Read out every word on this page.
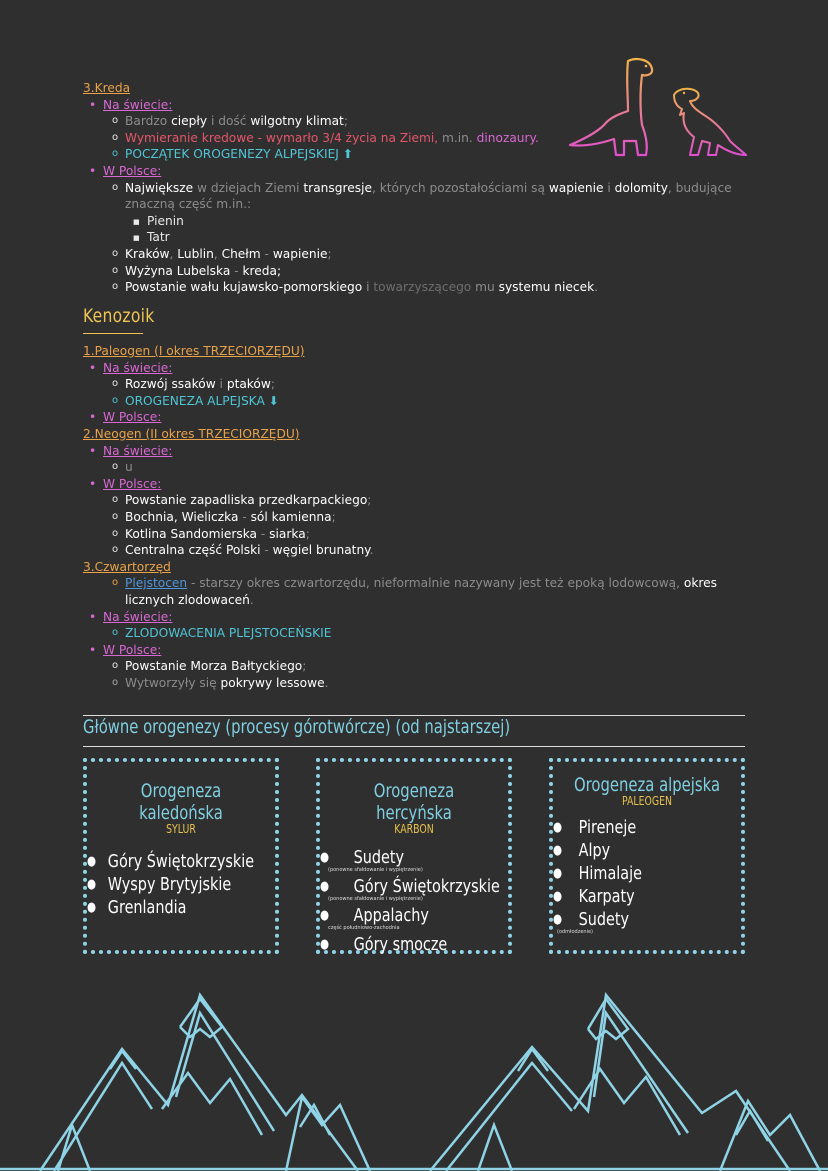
3.Kreda
• Na świecie:
o Bardzo ciepły i dość wilgotny klimat;
o Wymieranie kredowe - wymarło 3/4 życia na Ziemi, m.in. dinozaury.
o POCZĄTEK OROGENEZY ALPEJSKIEJ ⬆
• W Polsce:
o Największe w dziejach Ziemi transgresje, których pozostałościami są wapienie i dolomity, budujące znaczną część m.in.:
■ Pienin
■ Tatr
o Kraków, Lublin, Chełm - wapienie;
o Wyżyna Lubelska - kreda;
o Powstanie wału kujawsko-pomorskiego i towarzyszącego mu systemu niecek.
Kenozoik
1.Paleogen (I okres TRZECIORZĘDU)
• Na świecie:
o Rozwój ssaków i ptaków;
o OROGENEZA ALPEJSKA ⬇
• W Polsce:
2.Neogen (II okres TRZECIORZĘDU)
• Na świecie:
o u
• W Polsce:
o Powstanie zapadliska przedkarpackiego;
o Bochnia, Wieliczka - sól kamienna;
o Kotlina Sandomierska - siarka;
o Centralna część Polski - węgiel brunatny.
3.Czwartorzęd
o Plejstocen - starszy okres czwartorzędu, nieformalnie nazywany jest też epoką lodowcową, okres licznych zlodowaceń.
• Na świecie:
o ZLODOWACENIA PLEJSTOCEŃSKIE
• W Polsce:
o Powstanie Morza Bałtyckiego;
o Wytworzyły się pokrywy lessowe.
Główne orogenezy (procesy górotwórcze) (od najstarszej)
Orogeneza kaledońska
SYLUR
● Góry Świętokrzyskie
● Wyspy Brytyjskie
● Grenlandia
Orogeneza hercyńska
KARBON
● Sudety
(ponowne sfałdowanie i wypiętrzenie)
● Góry Świętokrzyskie
(ponowne sfałdowanie i wypiętrzenie)
● Appalachy
część południowo-zachodnia
● Góry smocze
Orogeneza alpejska
PALEOGEN
● Pireneje
● Alpy
● Himalaje
● Karpaty
● Sudety
(odmłodzenie)
